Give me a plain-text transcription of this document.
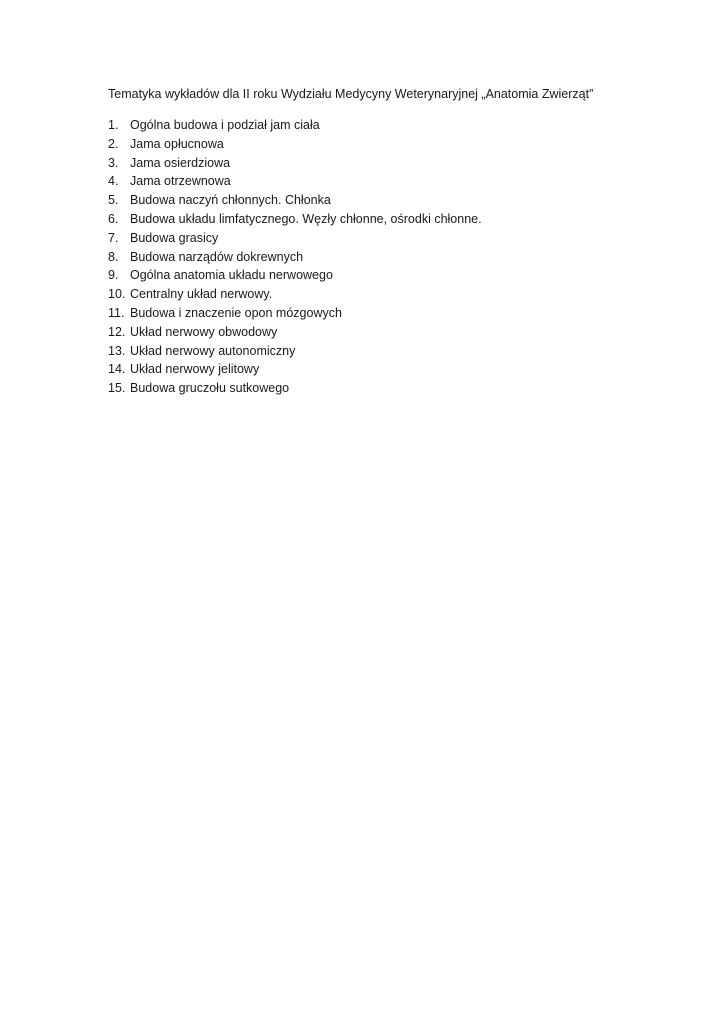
Tematyka wykładów dla II roku Wydziału Medycyny Weterynaryjnej „Anatomia Zwierząt”
1. Ogólna budowa i podział jam ciała
2. Jama opłucnowa
3. Jama osierdziowa
4. Jama otrzewnowa
5. Budowa naczyń chłonnych. Chłonka
6. Budowa układu limfatycznego. Węzły chłonne, ośrodki chłonne.
7. Budowa grasicy
8. Budowa narządów dokrewnych
9. Ogólna anatomia układu nerwowego
10. Centralny układ nerwowy.
11. Budowa i znaczenie opon mózgowych
12. Układ nerwowy obwodowy
13. Układ nerwowy autonomiczny
14. Układ nerwowy jelitowy
15. Budowa gruczołu sutkowego
